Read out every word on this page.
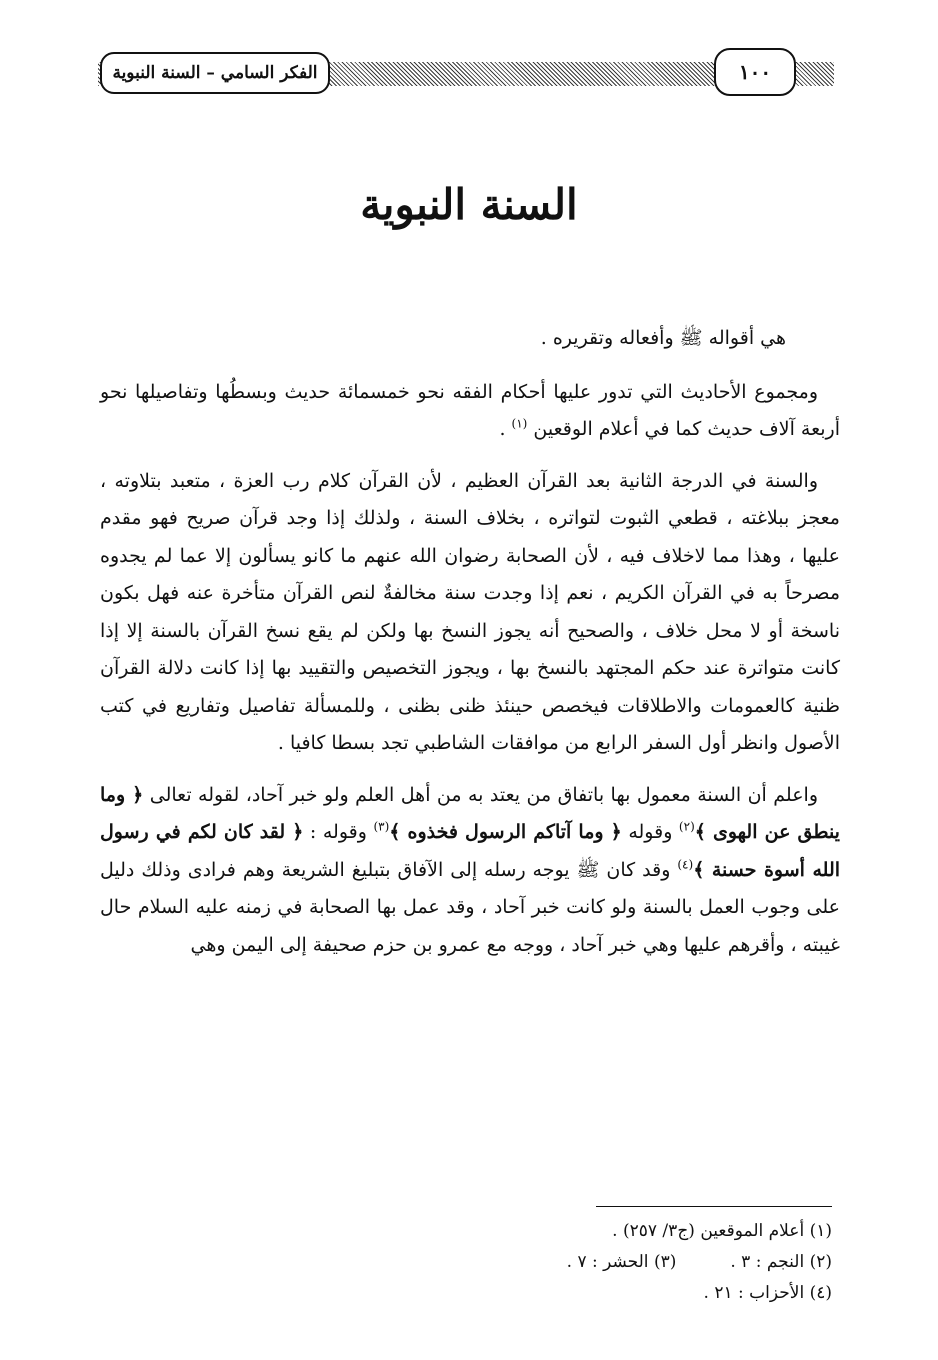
الفكر السامي – السنة النبوية	١٠٠
السنة النبوية

هي أقواله ﷺ وأفعاله وتقريره .

ومجموع الأحاديث التي تدور عليها أحكام الفقه نحو خمسمائة حديث وبسطُها وتفاصيلها نحو أربعة آلاف حديث كما في أعلام الوقعين $^{(١)}$ .

والسنة في الدرجة الثانية بعد القرآن العظيم ، لأن القرآن كلام رب العزة ، متعبد بتلاوته ، معجز ببلاغته ، قطعي الثبوت لتواتره ، بخلاف السنة ، ولذلك إذا وجد قرآن صريح فهو مقدم عليها ، وهذا مما لاخلاف فيه ، لأن الصحابة رضوان الله عنهم ما كانو يسألون إلا عما لم يجدوه مصرحاً به في القرآن الكريم ، نعم إذا وجدت سنة مخالفةٌ لنص القرآن متأخرة عنه فهل بكون ناسخة أو لا محل خلاف ، والصحيح أنه يجوز النسخ بها ولكن لم يقع نسخ القرآن بالسنة إلا إذا كانت متواترة عند حكم المجتهد بالنسخ بها ، ويجوز التخصيص والتقييد بها إذا كانت دلالة القرآن ظنية كالعمومات والاطلاقات فيخصص حينئذ ظنى بظنى ، وللمسألة تفاصيل وتفاريع في كتب الأصول وانظر أول السفر الرابع من موافقات الشاطبي تجد بسطا كافيا .

واعلم أن السنة معمول بها باتفاق من يعتد به من أهل العلم ولو خبر آحاد، لقوله تعالى ﴿ وما ينطق عن الهوى ﴾$^{(٢)}$ وقوله ﴿ وما آتاكم الرسول فخذوه ﴾$^{(٣)}$ وقوله : ﴿ لقد كان لكم في رسول الله أسوة حسنة ﴾$^{(٤)}$ وقد كان ﷺ يوجه رسله إلى الآفاق بتبليغ الشريعة وهم فرادى وذلك دليل على وجوب العمل بالسنة ولو كانت خبر آحاد ، وقد عمل بها الصحابة في زمنه عليه السلام حال غيبته ، وأقرهم عليها وهي خبر آحاد ، ووجه مع عمرو بن حزم صحيفة إلى اليمن وهي

(١) أعلام الموقعين (ج٣/ ٢٥٧) .
(٢) النجم : ٣ .(٣) الحشر : ٧ .
(٤) الأحزاب : ٢١ .
